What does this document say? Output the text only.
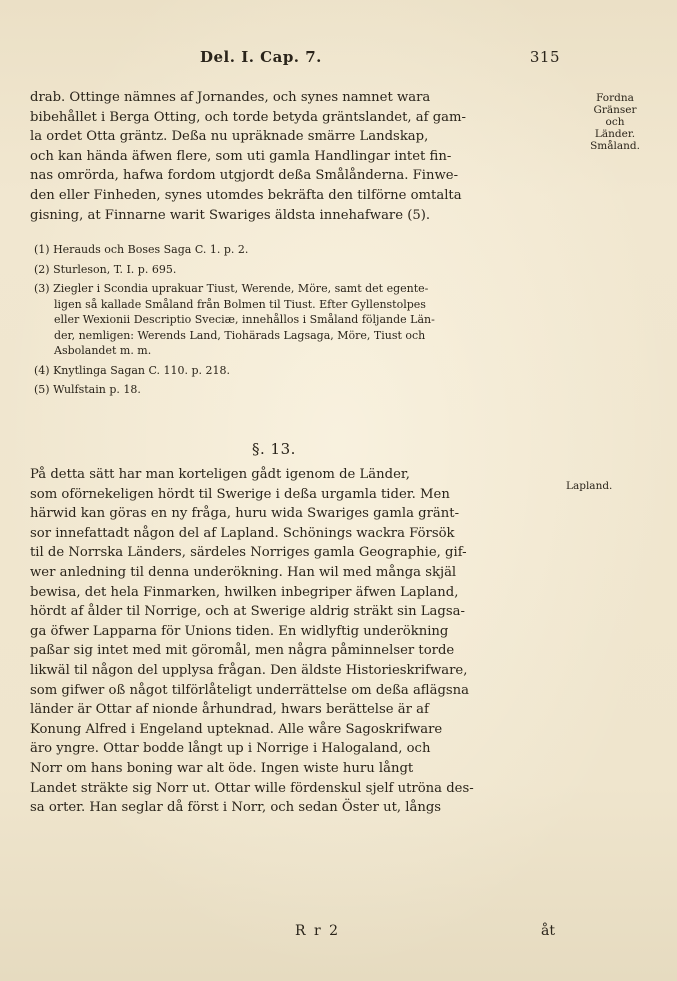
Del. I. Cap. 7.	315
drab. Ottinge nämnes af Jornandes, och synes namnet wara
bibehållet i Berga Otting, och torde betyda gräntslandet, af gam-
la ordet Otta gräntz. Deßa nu upräknade smärre Landskap,
och kan hända äfwen flere, som uti gamla Handlingar intet fin-
nas omrörda, hafwa fordom utgjordt deßa Smålånderna. Finwe-
den eller Finheden, synes utomdes bekräfta den tilförne omtalta
gisning, at Finnarne warit Swariges äldsta innehafware (5).
Fordna
Gränser
och
Länder.
Småland.
(1) Herauds och Boses Saga C. 1. p. 2.
(2) Sturleson, T. I. p. 695.
(3) Ziegler i Scondia uprakuar Tiust, Werende, Möre, samt det egente-
ligen så kallade Småland från Bolmen til Tiust. Efter Gyllenstolpes
eller Wexionii Descriptio Sveciæ, innehållos i Småland följande Län-
der, nemligen: Werends Land, Tiohärads Lagsaga, Möre, Tiust och
Asbolandet m. m.
(4) Knytlinga Sagan C. 110. p. 218.
(5) Wulfstain p. 18.
§. 13.
På detta sätt har man korteligen gådt igenom de Länder,
som oförnekeligen hördt til Swerige i deßa urgamla tider. Men
härwid kan göras en ny fråga, huru wida Swariges gamla gränt-
sor innefattadt någon del af Lapland. Schönings wackra Försök
til de Norrska Länders, särdeles Norriges gamla Geographie, gif-
wer anledning til denna underökning. Han wil med många skjäl
bewisa, det hela Finmarken, hwilken inbegriper äfwen Lapland,
hördt af ålder til Norrige, och at Swerige aldrig sträkt sin Lagsa-
ga öfwer Lapparna för Unions tiden. En widlyftig underökning
paßar sig intet med mit göromål, men några påminnelser torde
likwäl til någon del upplysa frågan. Den äldste Historieskrifware,
som gifwer oß något tilförlåteligt underrättelse om deßa aflägsna
länder är Ottar af nionde århundrad, hwars berättelse är af
Konung Alfred i Engeland upteknad. Alle wåre Sagoskrifware
äro yngre. Ottar bodde långt up i Norrige i Halogaland, och
Norr om hans boning war alt öde. Ingen wiste huru långt
Landet sträkte sig Norr ut. Ottar wille fördenskul sjelf utröna des-
sa orter. Han seglar då först i Norr, och sedan Öster ut, långs
Lapland.
R r 2	åt
